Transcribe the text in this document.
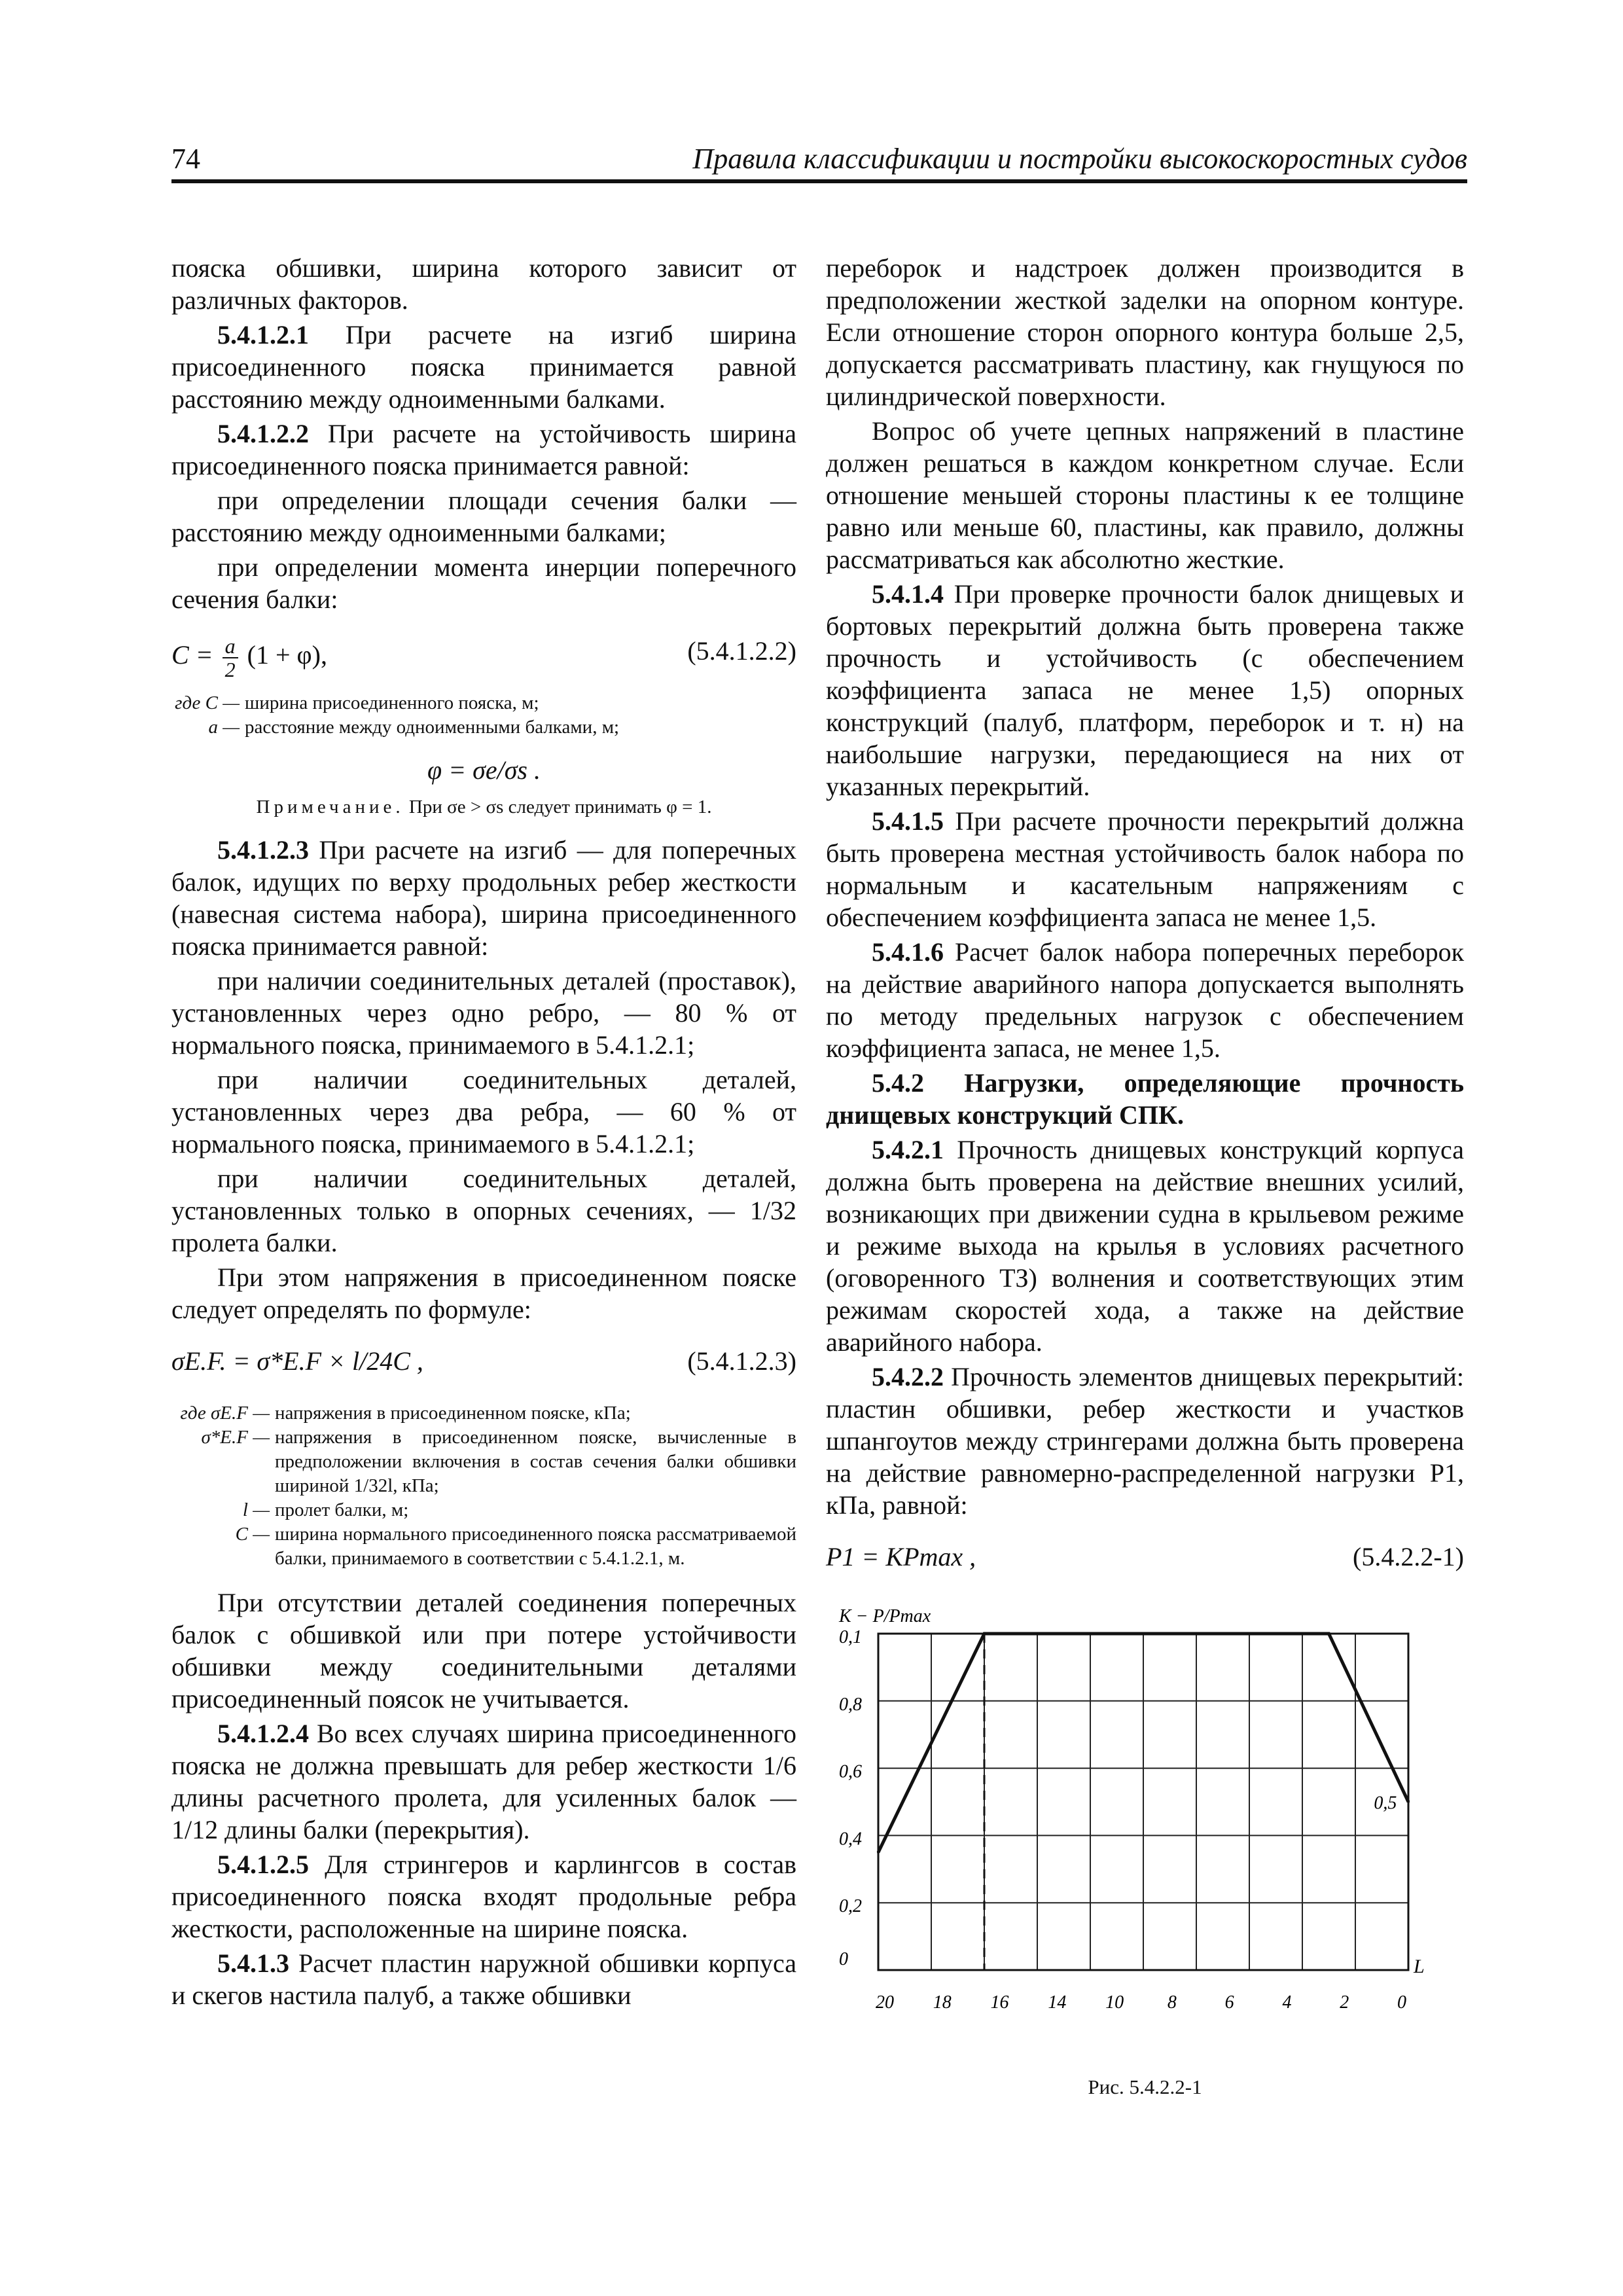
74	Правила классификации и постройки высокоскоростных судов

пояска обшивки, ширина которого зависит от различных факторов.

5.4.1.2.1 При расчете на изгиб ширина присоединенного пояска принимается равной расстоянию между одноименными балками.

5.4.1.2.2 При расчете на устойчивость ширина присоединенного пояска принимается равной:

при определении площади сечения балки — расстоянию между одноименными балками;

при определении момента инерции поперечного сечения балки:

$C = \frac{a}{2} (1 + \varphi)$,	(5.4.1.2.2)
где C — ширина присоединенного пояска, м;
a — расстояние между одноименными балками, м;

φ = σe/σs .

Примечание. При σe > σs следует принимать φ = 1.

5.4.1.2.3 При расчете на изгиб — для поперечных балок, идущих по верху продольных ребер жесткости (навесная система набора), ширина присоединенного пояска принимается равной:

при наличии соединительных деталей (проставок), установленных через одно ребро, — 80 % от нормального пояска, принимаемого в 5.4.1.2.1;

при наличии соединительных деталей, установленных через два ребра, — 60 % от нормального пояска, принимаемого в 5.4.1.2.1;

при наличии соединительных деталей, установленных только в опорных сечениях, — 1/32 пролета балки.

При этом напряжения в присоединенном пояске следует определять по формуле:

σE.F. = σ*E.F × l/24C ,	(5.4.1.2.3)
где σE.F — напряжения в присоединенном пояске, кПа;
σ*E.F — напряжения в присоединенном пояске, вычисленные в предположении включения в состав сечения балки обшивки шириной 1/32l, кПа;
l — пролет балки, м;
C — ширина нормального присоединенного пояска рассматриваемой балки, принимаемого в соответствии с 5.4.1.2.1, м.

При отсутствии деталей соединения поперечных балок с обшивкой или при потере устойчивости обшивки между соединительными деталями присоединенный поясок не учитывается.

5.4.1.2.4 Во всех случаях ширина присоединенного пояска не должна превышать для ребер жесткости 1/6 длины расчетного пролета, для усиленных балок — 1/12 длины балки (перекрытия).

5.4.1.2.5 Для стрингеров и карлингсов в состав присоединенного пояска входят продольные ребра жесткости, расположенные на ширине пояска.

5.4.1.3 Расчет пластин наружной обшивки корпуса и скегов настила палуб, а также обшивки

переборок и надстроек должен производится в предположении жесткой заделки на опорном контуре. Если отношение сторон опорного контура больше 2,5, допускается рассматривать пластину, как гнущуюся по цилиндрической поверхности.

Вопрос об учете цепных напряжений в пластине должен решаться в каждом конкретном случае. Если отношение меньшей стороны пластины к ее толщине равно или меньше 60, пластины, как правило, должны рассматриваться как абсолютно жесткие.

5.4.1.4 При проверке прочности балок днищевых и бортовых перекрытий должна быть проверена также прочность и устойчивость (с обеспечением коэффициента запаса не менее 1,5) опорных конструкций (палуб, платформ, переборок и т. н) на наибольшие нагрузки, передающиеся на них от указанных перекрытий.

5.4.1.5 При расчете прочности перекрытий должна быть проверена местная устойчивость балок набора по нормальным и касательным напряжениям с обеспечением коэффициента запаса не менее 1,5.

5.4.1.6 Расчет балок набора поперечных переборок на действие аварийного напора допускается выполнять по методу предельных нагрузок с обеспечением коэффициента запаса, не менее 1,5.

5.4.2 Нагрузки, определяющие прочность днищевых конструкций СПК.

5.4.2.1 Прочность днищевых конструкций корпуса должна быть проверена на действие внешних усилий, возникающих при движении судна в крыльевом режиме и режиме выхода на крылья в условиях расчетного (оговоренного ТЗ) волнения и соответствующих этим режимам скоростей хода, а также на действие аварийного набора.

5.4.2.2 Прочность элементов днищевых перекрытий: пластин обшивки, ребер жесткости и участков шпангоутов между стрингерами должна быть проверена на действие равномерно-распределенной нагрузки P1, кПа, равной:

P1 = KPmax ,	(5.4.2.2-1)
0
0,2
0,4
0,6
0,8
0,1
20 18 16 14 10 8	6	4	2	0
K − P/Pmax
L
0,5
Рис. 5.4.2.2-1
